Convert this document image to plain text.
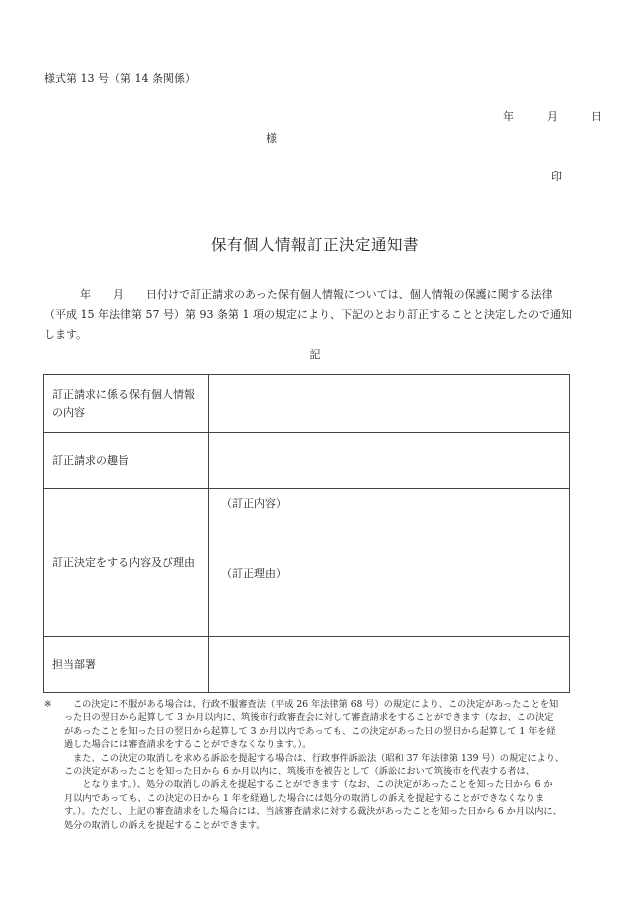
様式第 13 号（第 14 条関係）
年	月	日
様
印
保有個人情報訂正決定通知書

年　　月　　日付けで訂正請求のあった保有個人情報については、個人情報の保護に関する法律

（平成 15 年法律第 57 号）第 93 条第 1 項の規定により、下記のとおり訂正することと決定したので通知

します。

記
訂正請求に係る保有個人情報
の内容	

訂正請求の趣旨	
訂正決定をする内容及び理由	（訂正内容）
（訂正理由）

担当部署	
※	この決定に不服がある場合は、行政不服審査法（平成 26 年法律第 68 号）の規定により、この決定があったことを知
った日の翌日から起算して 3 か月以内に、筑後市行政審査会に対して審査請求をすることができます（なお、この決定
があったことを知った日の翌日から起算して 3 か月以内であっても、この決定があった日の翌日から起算して 1 年を経
過した場合には審査請求をすることができなくなります。）。
また、この決定の取消しを求める訴訟を提起する場合は、行政事件訴訟法（昭和 37 年法律第 139 号）の規定により、
この決定があったことを知った日から 6 か月以内に、筑後市を被告として（訴訟において筑後市を代表する者は、
　　となります。）、処分の取消しの訴えを提起することができます（なお、この決定があったことを知った日から 6 か
月以内であっても、この決定の日から 1 年を経過した場合には処分の取消しの訴えを提起することができなくなりま
す。）。ただし、上記の審査請求をした場合には、当該審査請求に対する裁決があったことを知った日から 6 か月以内に、
処分の取消しの訴えを提起することができます。
